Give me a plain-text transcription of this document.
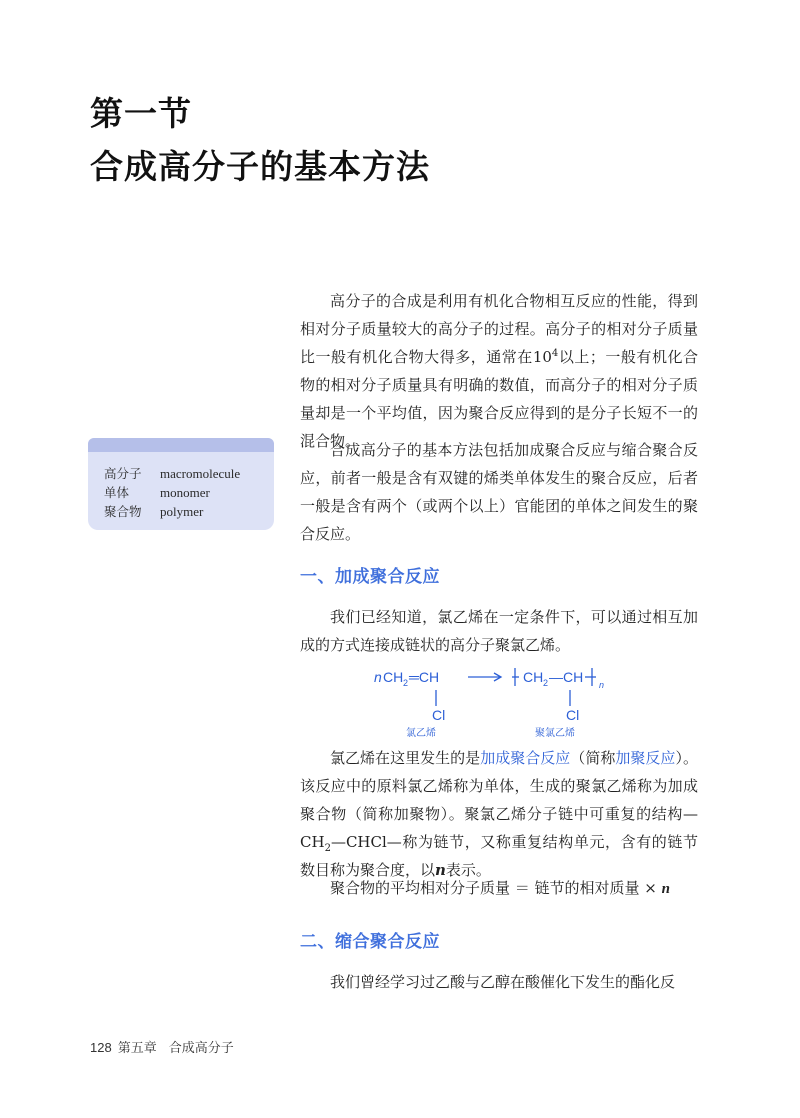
第一节
合成高分子的基本方法

高分子的合成是利用有机化合物相互反应的性能，得到相对分子质量较大的高分子的过程。高分子的相对分子质量比一般有机化合物大得多，通常在$10^4$以上；一般有机化合物的相对分子质量具有明确的数值，而高分子的相对分子质量却是一个平均值，因为聚合反应得到的是分子长短不一的混合物。

合成高分子的基本方法包括加成聚合反应与缩合聚合反应，前者一般是含有双键的烯类单体发生的聚合反应，后者一般是含有两个（或两个以上）官能团的单体之间发生的聚合反应。

高分子 macromolecule
单体 monomer
聚合物 polymer
一、加成聚合反应

我们已经知道，氯乙烯在一定条件下，可以通过相互加成的方式连接成链状的高分子聚氯乙烯。

n CH 2 ═CH	CH 2 —CH n
Cl	Cl
氯乙烯	聚氯乙烯

氯乙烯在这里发生的是加成聚合反应（简称加聚反应）。该反应中的原料氯乙烯称为单体，生成的聚氯乙烯称为加成聚合物（简称加聚物）。聚氯乙烯分子链中可重复的结构$—CH_2—CHCl—$称为链节，又称重复结构单元，含有的链节数目称为聚合度，以n表示。

聚合物的平均相对分子质量 ＝ 链节的相对质量 × n

二、缩合聚合反应

我们曾经学习过乙酸与乙醇在酸催化下发生的酯化反

128 第五章 合成高分子
